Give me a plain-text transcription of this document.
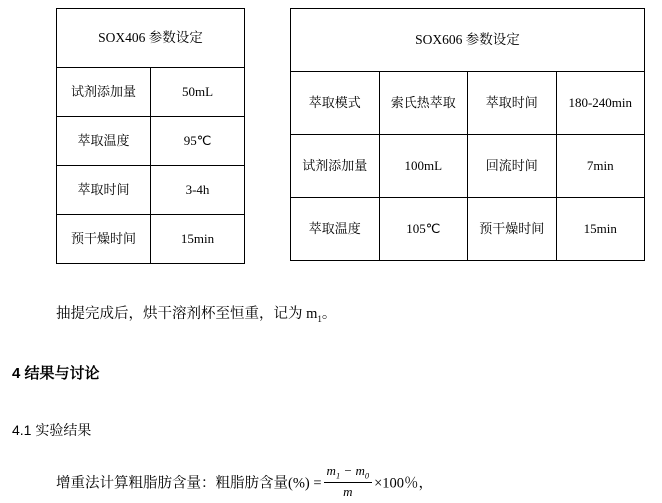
SOX406 参数设定	
试剂添加量	50mL
萃取温度	95℃
萃取时间	3-4h
预干燥时间	15min
SOX606 参数设定			
萃取模式	索氏热萃取	萃取时间	180-240min
试剂添加量	100mL	回流时间	7min
萃取温度	105℃	预干燥时间	15min
抽提完成后，烘干溶剂杯至恒重，记为 $m_1$。
4 结果与讨论
4.1 实验结果
增重法计算粗脂肪含量：粗脂肪含量(%) = $\frac{m_1 - m_0}{m} \times 100$％，
